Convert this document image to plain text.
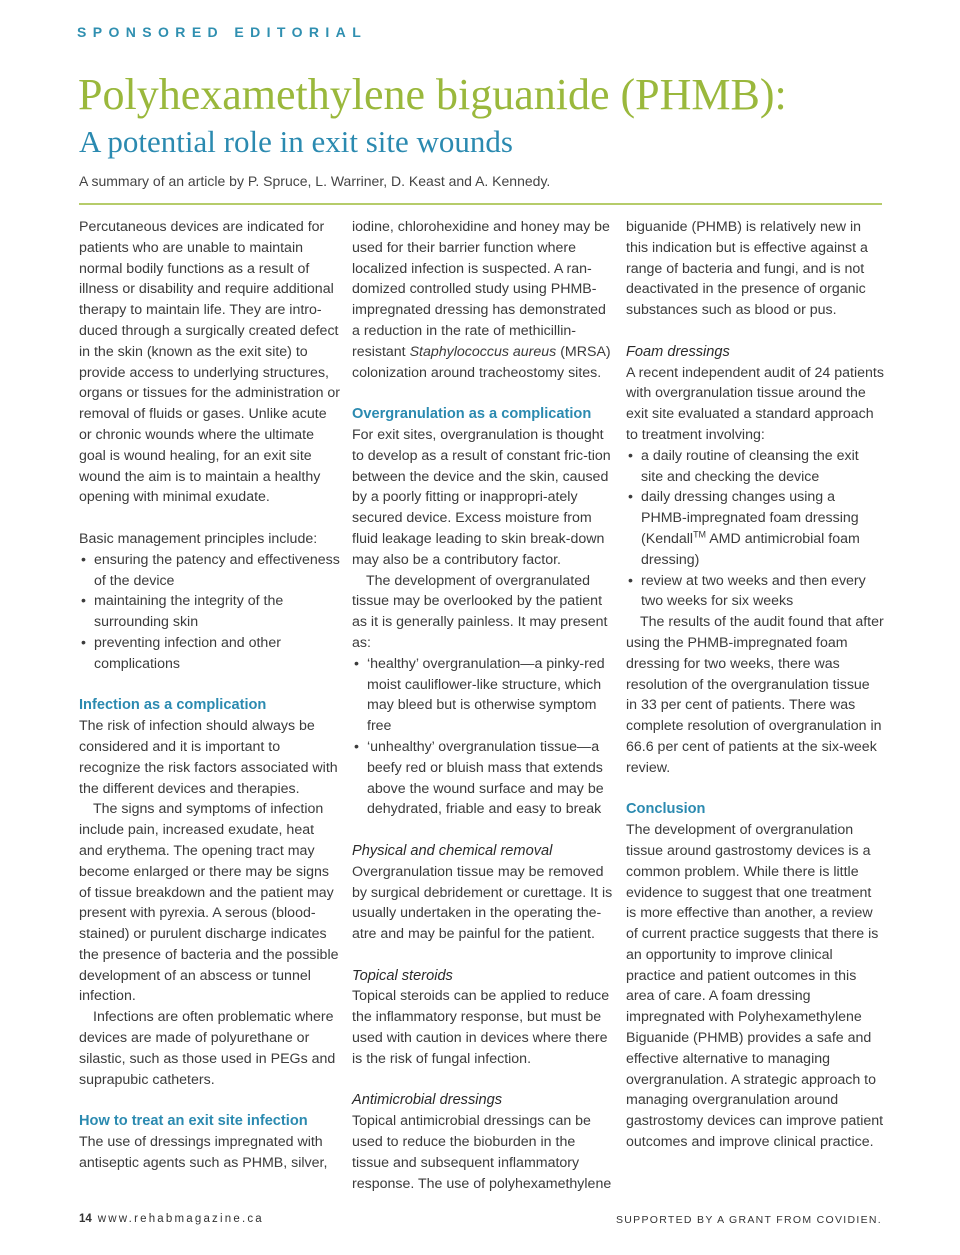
SPONSORED EDITORIAL
Polyhexamethylene biguanide (PHMB):
A potential role in exit site wounds
A summary of an article by P. Spruce, L. Warriner, D. Keast and A. Kennedy.

Percutaneous devices are indicated for patients who are unable to maintain normal bodily functions as a result of illness or disability and require additional therapy to maintain life. They are intro-duced through a surgically created defect in the skin (known as the exit site) to provide access to underlying structures, organs or tissues for the administration or removal of fluids or gases. Unlike acute or chronic wounds where the ultimate goal is wound healing, for an exit site wound the aim is to maintain a healthy opening with minimal exudate.

Basic management principles include:

• ensuring the patency and effectiveness of the device
• maintaining the integrity of the surrounding skin
• preventing infection and other complications
Infection as a complication

The risk of infection should always be considered and it is important to recognize the risk factors associated with the different devices and therapies.

The signs and symptoms of infection include pain, increased exudate, heat and erythema. The opening tract may become enlarged or there may be signs of tissue breakdown and the patient may present with pyrexia. A serous (blood-stained) or purulent discharge indicates the presence of bacteria and the possible development of an abscess or tunnel infection.

Infections are often problematic where devices are made of polyurethane or silastic, such as those used in PEGs and suprapubic catheters.

How to treat an exit site infection

The use of dressings impregnated with antiseptic agents such as PHMB, silver,

iodine, chlorohexidine and honey may be used for their barrier function where localized infection is suspected. A ran-domized controlled study using PHMB-impregnated dressing has demonstrated a reduction in the rate of methicillin-resistant Staphylococcus aureus (MRSA) colonization around tracheostomy sites.

Overgranulation as a complication

For exit sites, overgranulation is thought to develop as a result of constant fric-tion between the device and the skin, caused by a poorly fitting or inappropri-ately secured device. Excess moisture from fluid leakage leading to skin break-down may also be a contributory factor.

The development of overgranulated tissue may be overlooked by the patient as it is generally painless. It may present as:

• ‘healthy’ overgranulation—a pinky-red moist cauliflower-like structure, which may bleed but is otherwise symptom free
• ‘unhealthy’ overgranulation tissue—a beefy red or bluish mass that extends above the wound surface and may be dehydrated, friable and easy to break
Physical and chemical removal

Overgranulation tissue may be removed by surgical debridement or curettage. It is usually undertaken in the operating the-atre and may be painful for the patient.

Topical steroids

Topical steroids can be applied to reduce the inflammatory response, but must be used with caution in devices where there is the risk of fungal infection.

Antimicrobial dressings

Topical antimicrobial dressings can be used to reduce the bioburden in the tissue and subsequent inflammatory response. The use of polyhexamethylene

biguanide (PHMB) is relatively new in this indication but is effective against a range of bacteria and fungi, and is not deactivated in the presence of organic substances such as blood or pus.

Foam dressings

A recent independent audit of 24 patients with overgranulation tissue around the exit site evaluated a standard approach to treatment involving:

• a daily routine of cleansing the exit site and checking the device
• daily dressing changes using a PHMB-impregnated foam dressing (Kendall™ AMD antimicrobial foam dressing)
• review at two weeks and then every two weeks for six weeks

The results of the audit found that after using the PHMB-impregnated foam dressing for two weeks, there was resolution of the overgranulation tissue in 33 per cent of patients. There was complete resolution of overgranulation in 66.6 per cent of patients at the six-week review.

Conclusion

The development of overgranulation tissue around gastrostomy devices is a common problem. While there is little evidence to suggest that one treatment is more effective than another, a review of current practice suggests that there is an opportunity to improve clinical practice and patient outcomes in this area of care. A foam dressing impregnated with Polyhexamethylene Biguanide (PHMB) provides a safe and effective alternative to managing overgranulation. A strategic approach to managing overgranulation around gastrostomy devices can improve patient outcomes and improve clinical practice.

14 www.rehabmagazine.ca	SUPPORTED BY A GRANT FROM COVIDIEN.
